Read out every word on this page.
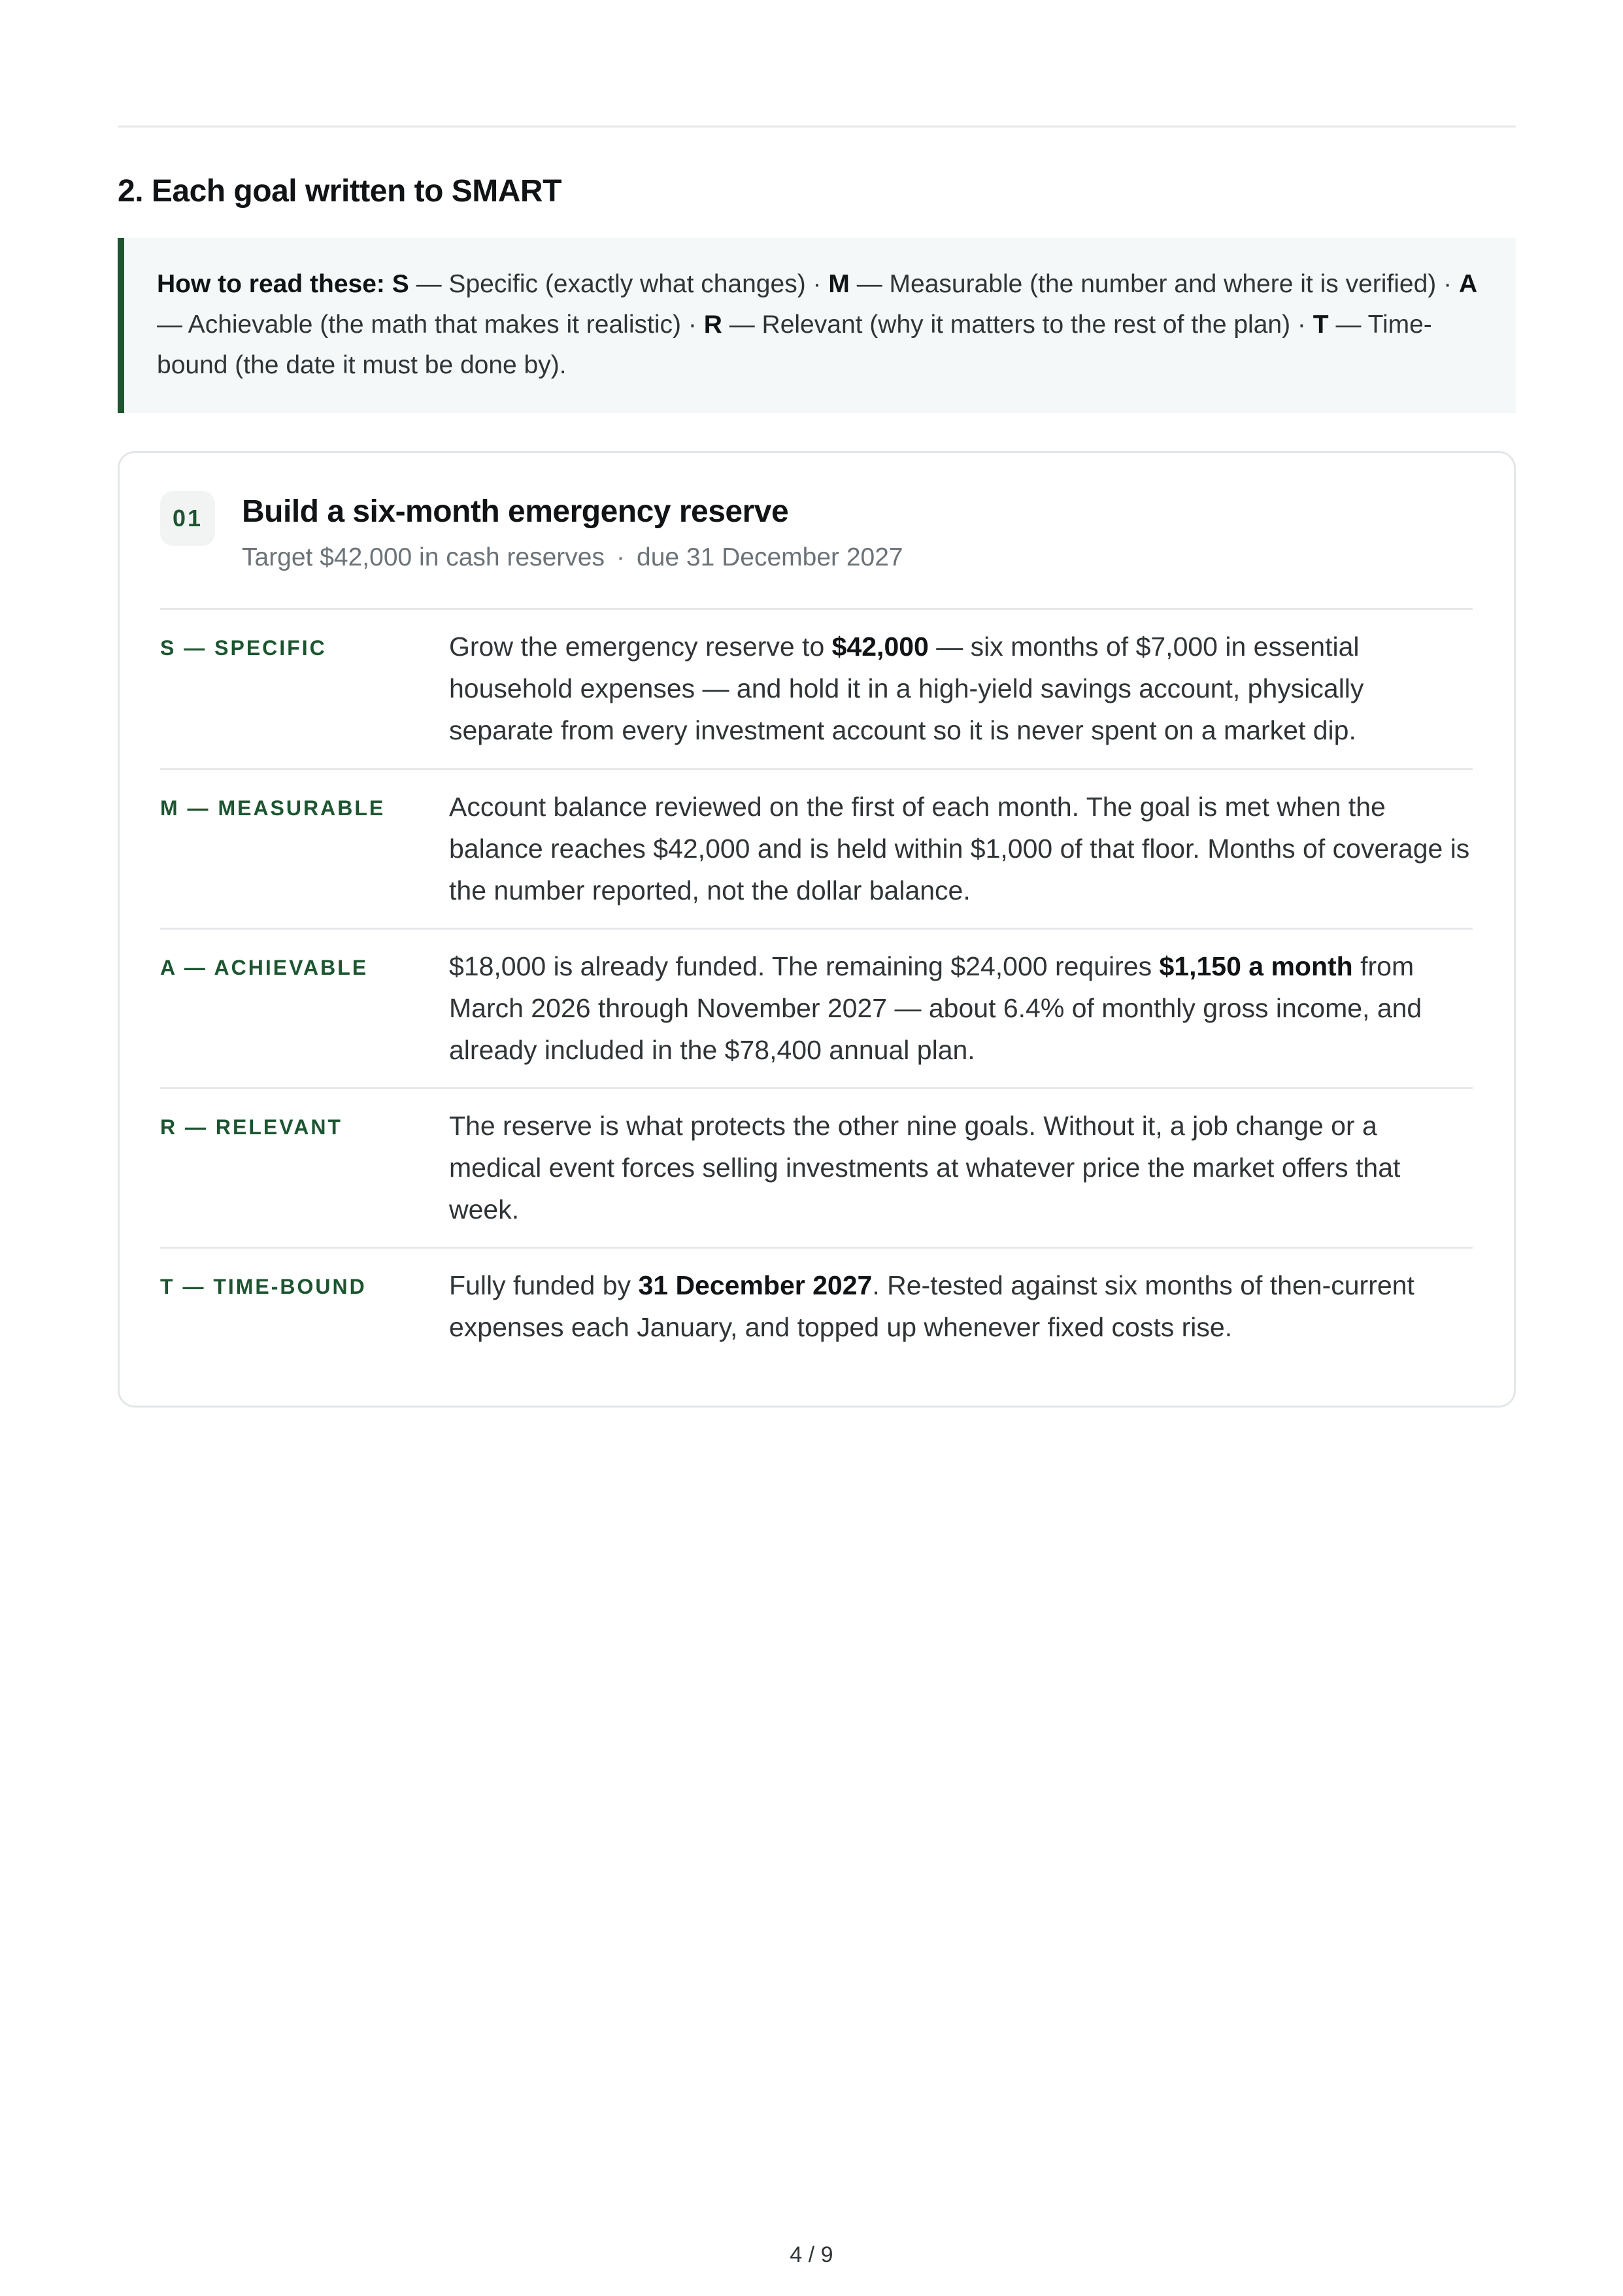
2. Each goal written to SMART
How to read these: S — Specific (exactly what changes) · M — Measurable (the number and where it is verified) · A — Achievable (the math that makes it realistic) · R — Relevant (why it matters to the rest of the plan) · T — Time-bound (the date it must be done by).
01	Build a six-month emergency reserve
Target $42,000 in cash reserves · due 31 December 2027
S — SPECIFIC	Grow the emergency reserve to $42,000 — six months of $7,000 in essential household expenses — and hold it in a high-yield savings account, physically separate from every investment account so it is never spent on a market dip.
M — MEASURABLE Account balance reviewed on the first of each month. The goal is met when the balance reaches $42,000 and is held within $1,000 of that floor. Months of coverage is the number reported, not the dollar balance.
A — ACHIEVABLE	$18,000 is already funded. The remaining $24,000 requires $1,150 a month from March 2026 through November 2027 — about 6.4% of monthly gross income, and already included in the $78,400 annual plan.
R — RELEVANT	The reserve is what protects the other nine goals. Without it, a job change or a medical event forces selling investments at whatever price the market offers that week.
T — TIME-BOUND	Fully funded by 31 December 2027. Re-tested against six months of then-current expenses each January, and topped up whenever fixed costs rise.
4 / 9
